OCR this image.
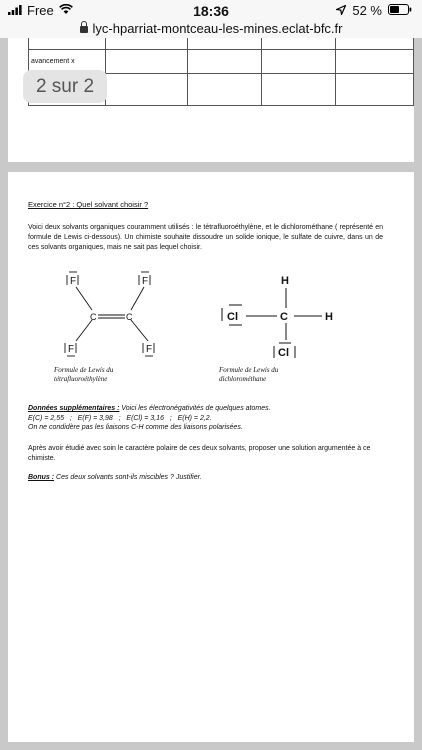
Free	18:36	52 %
lyc-hparriat-montceau-les-mines.eclat-bfc.fr

avancement x				

2 sur 2

Exercice n°2 : Quel solvant choisir ?

Voici deux solvants organiques couramment utilisés : le tétrafluoroéthylène, et le dichlorométhane ( représenté en formule de Lewis ci-dessous). Un chimiste souhaite dissoudre un solide ionique, le sulfate de cuivre, dans un de ces solvants organiques, mais ne sait pas lequel choisir.

F	F
F	F
C	C
Formule de Lewis du
tétrafluoroéthylène
H
C	H
Cl
Cl
Formule de Lewis du
dichlorométhane
Données supplémentaires : Voici les électronégativités de quelques atomes.
E(C) = 2,55   ;   E(F) = 3,98   ;   E(Cl) = 3,16   ;   E(H) = 2,2.
On ne condidère pas les liaisons C-H comme des liaisons polarisées.
Après avoir étudié avec soin le caractère polaire de ces deux solvants, proposer une solution argumentée à ce chimiste.
Bonus : Ces deux solvants sont-ils miscibles ? Justifier.
